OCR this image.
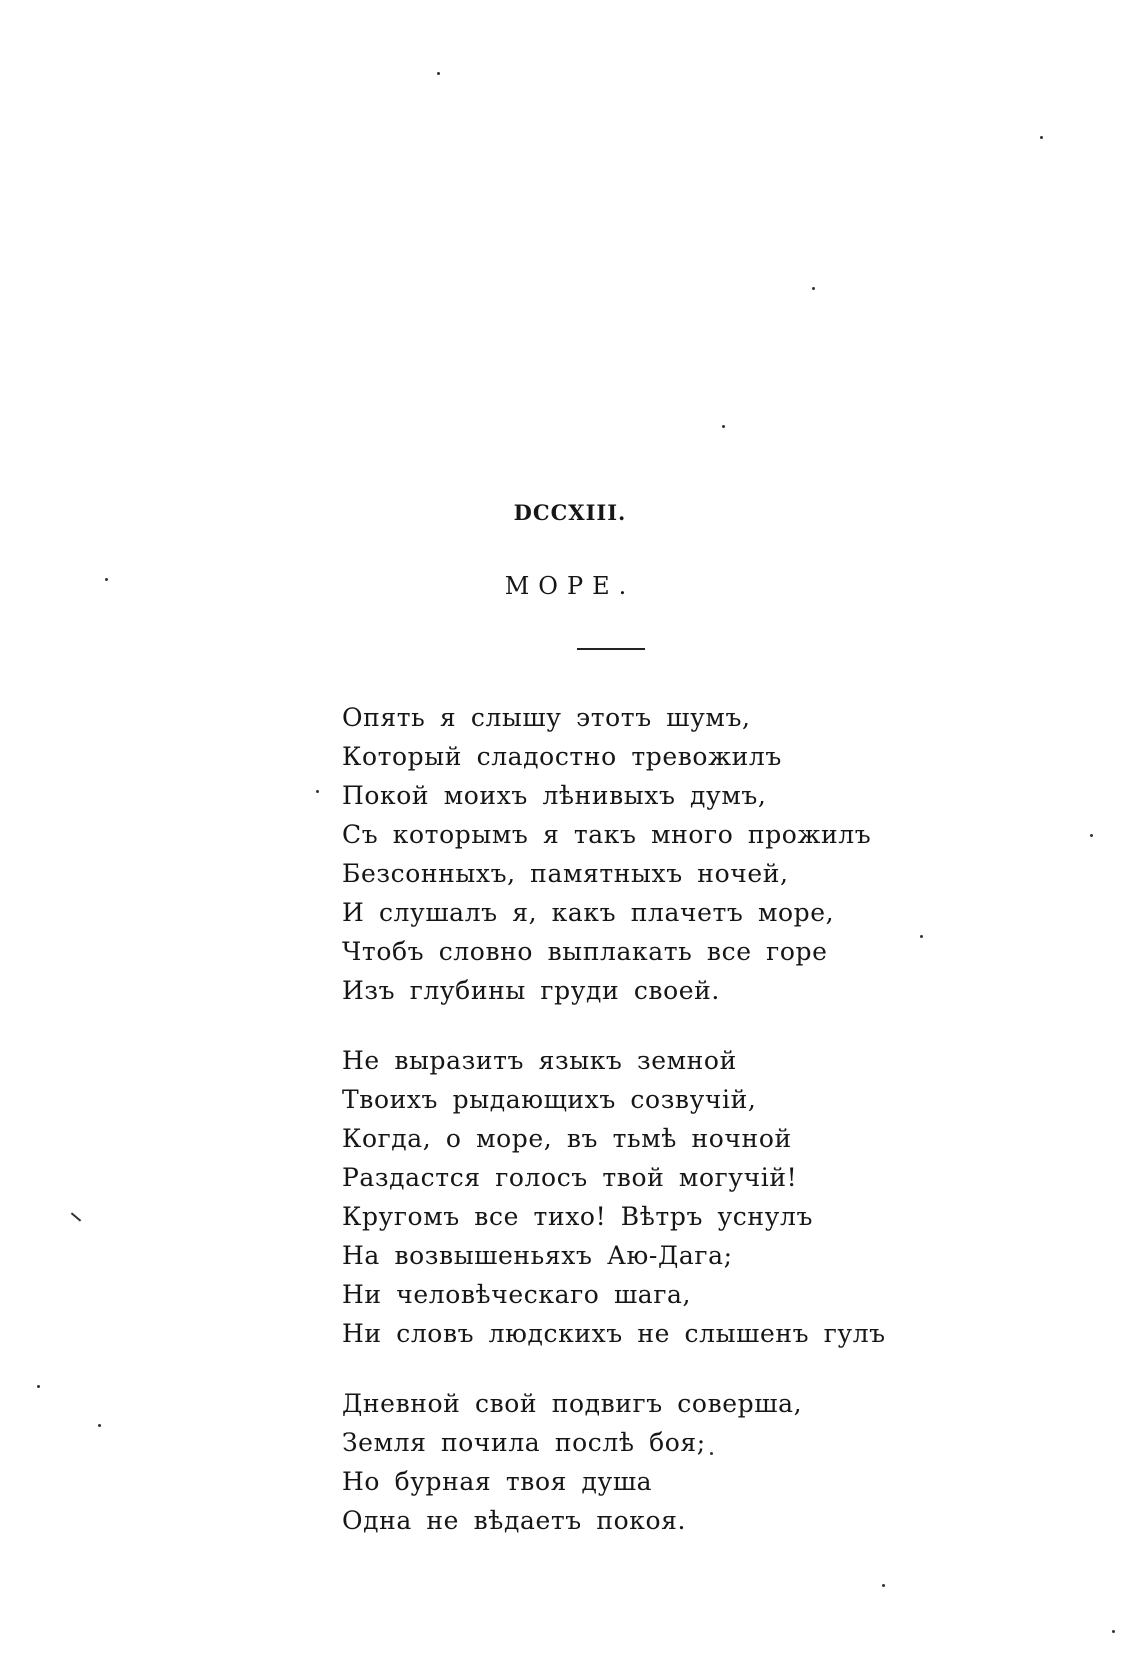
DCCXIII.
МОРЕ.
Опять я слышу этотъ шумъ,
Который сладостно тревожилъ
Покой моихъ лѣнивыхъ думъ,
Съ которымъ я такъ много прожилъ
Безсонныхъ, памятныхъ ночей,
И слушалъ я, какъ плачетъ море,
Чтобъ словно выплакать все горе
Изъ глубины груди своей.
Не выразитъ языкъ земной
Твоихъ рыдающихъ созвучій,
Когда, о море, въ тьмѣ ночной
Раздастся голосъ твой могучій!
Кругомъ все тихо! Вѣтръ уснулъ
На возвышеньяхъ Аю-Дага;
Ни человѣческаго шага,
Ни словъ людскихъ не слышенъ гулъ
Дневной свой подвигъ соверша,
Земля почила послѣ боя;
Но бурная твоя душа
Одна не вѣдаетъ покоя.
